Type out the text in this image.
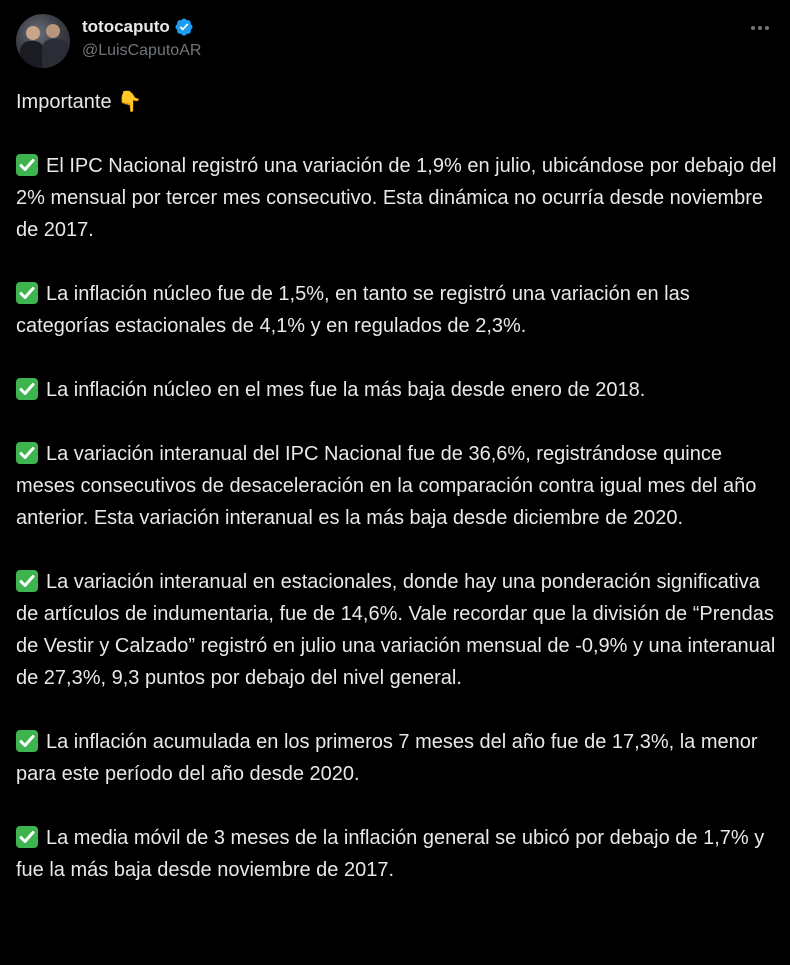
totocaputo
@LuisCaputoAR

Importante 👇

El IPC Nacional registró una variación de 1,9% en julio, ubicándose por debajo del 2% mensual por tercer mes consecutivo. Esta dinámica no ocurría desde noviembre de 2017.

La inflación núcleo fue de 1,5%, en tanto se registró una variación en las categorías estacionales de 4,1% y en regulados de 2,3%.

La inflación núcleo en el mes fue la más baja desde enero de 2018.

La variación interanual del IPC Nacional fue de 36,6%, registrándose quince meses consecutivos de desaceleración en la comparación contra igual mes del año anterior. Esta variación interanual es la más baja desde diciembre de 2020.

La variación interanual en estacionales, donde hay una ponderación significativa de artículos de indumentaria, fue de 14,6%. Vale recordar que la división de “Prendas de Vestir y Calzado” registró en julio una variación mensual de -0,9% y una interanual de 27,3%, 9,3 puntos por debajo del nivel general.

La inflación acumulada en los primeros 7 meses del año fue de 17,3%, la menor para este período del año desde 2020.

La media móvil de 3 meses de la inflación general se ubicó por debajo de 1,7% y fue la más baja desde noviembre de 2017.
